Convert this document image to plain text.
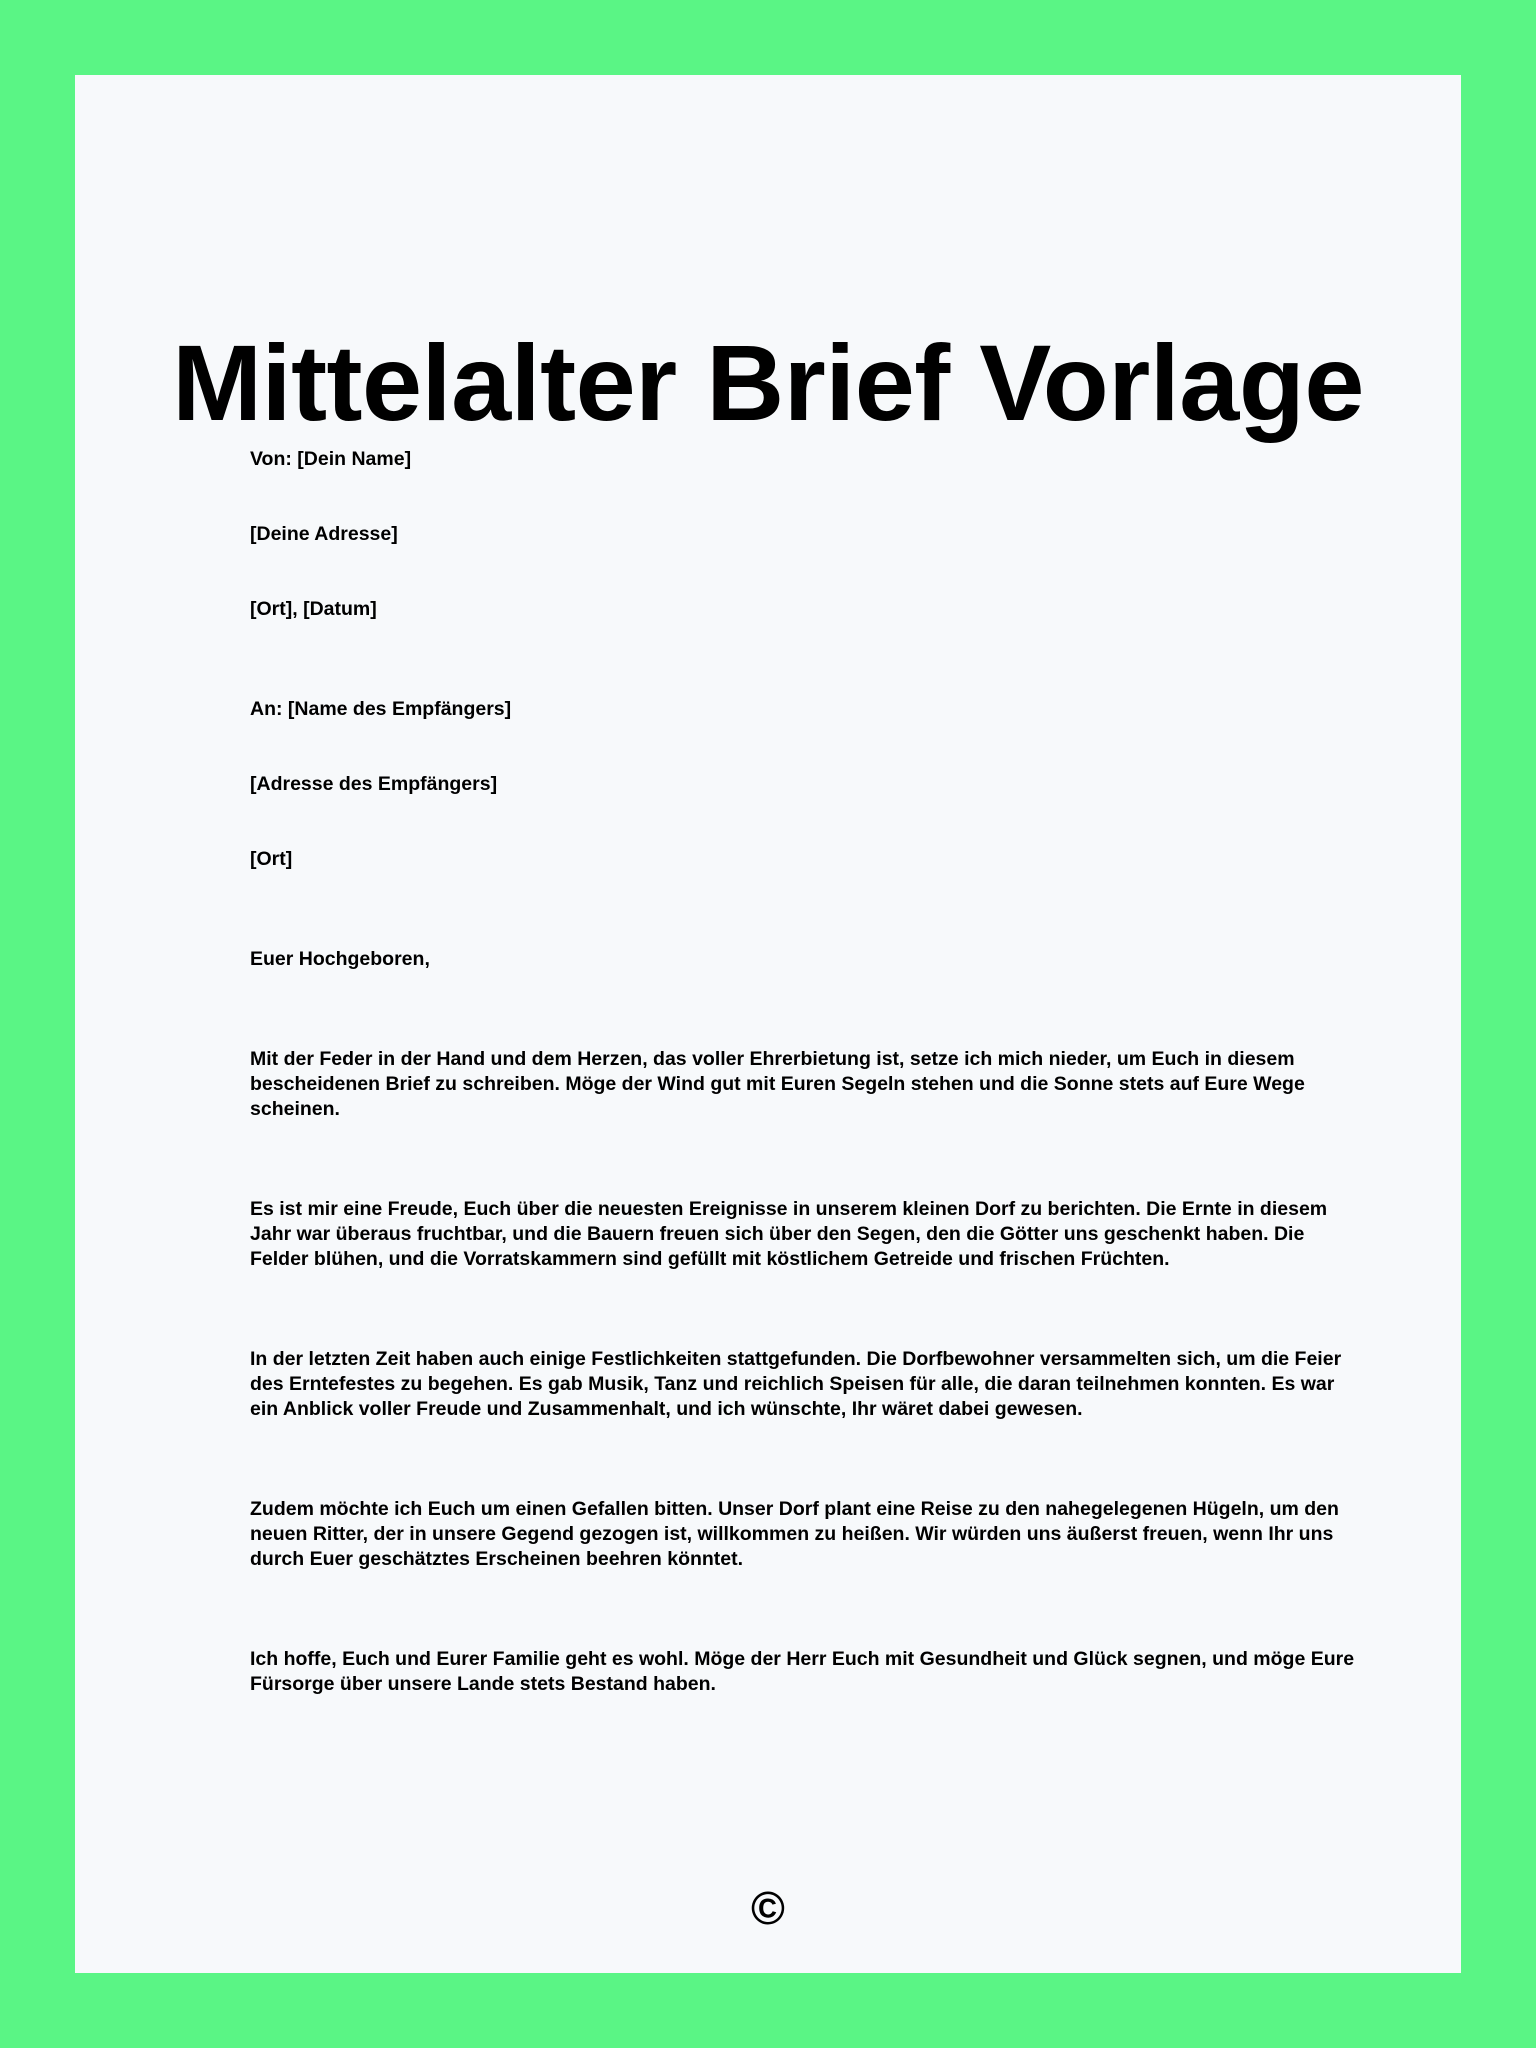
Mittelalter Brief Vorlage

Von: [Dein Name]

[Deine Adresse]

[Ort], [Datum]

An: [Name des Empfängers]

[Adresse des Empfängers]

[Ort]

Euer Hochgeboren,

Mit der Feder in der Hand und dem Herzen, das voller Ehrerbietung ist, setze ich mich nieder, um Euch in diesem bescheidenen Brief zu schreiben. Möge der Wind gut mit Euren Segeln stehen und die Sonne stets auf Eure Wege scheinen.

Es ist mir eine Freude, Euch über die neuesten Ereignisse in unserem kleinen Dorf zu berichten. Die Ernte in diesem Jahr war überaus fruchtbar, und die Bauern freuen sich über den Segen, den die Götter uns geschenkt haben. Die Felder blühen, und die Vorratskammern sind gefüllt mit köstlichem Getreide und frischen Früchten.

In der letzten Zeit haben auch einige Festlichkeiten stattgefunden. Die Dorfbewohner versammelten sich, um die Feier des Erntefestes zu begehen. Es gab Musik, Tanz und reichlich Speisen für alle, die daran teilnehmen konnten. Es war ein Anblick voller Freude und Zusammenhalt, und ich wünschte, Ihr wäret dabei gewesen.

Zudem möchte ich Euch um einen Gefallen bitten. Unser Dorf plant eine Reise zu den nahegelegenen Hügeln, um den neuen Ritter, der in unsere Gegend gezogen ist, willkommen zu heißen. Wir würden uns äußerst freuen, wenn Ihr uns durch Euer geschätztes Erscheinen beehren könntet.

Ich hoffe, Euch und Eurer Familie geht es wohl. Möge der Herr Euch mit Gesundheit und Glück segnen, und möge Eure Fürsorge über unsere Lande stets Bestand haben.

©
